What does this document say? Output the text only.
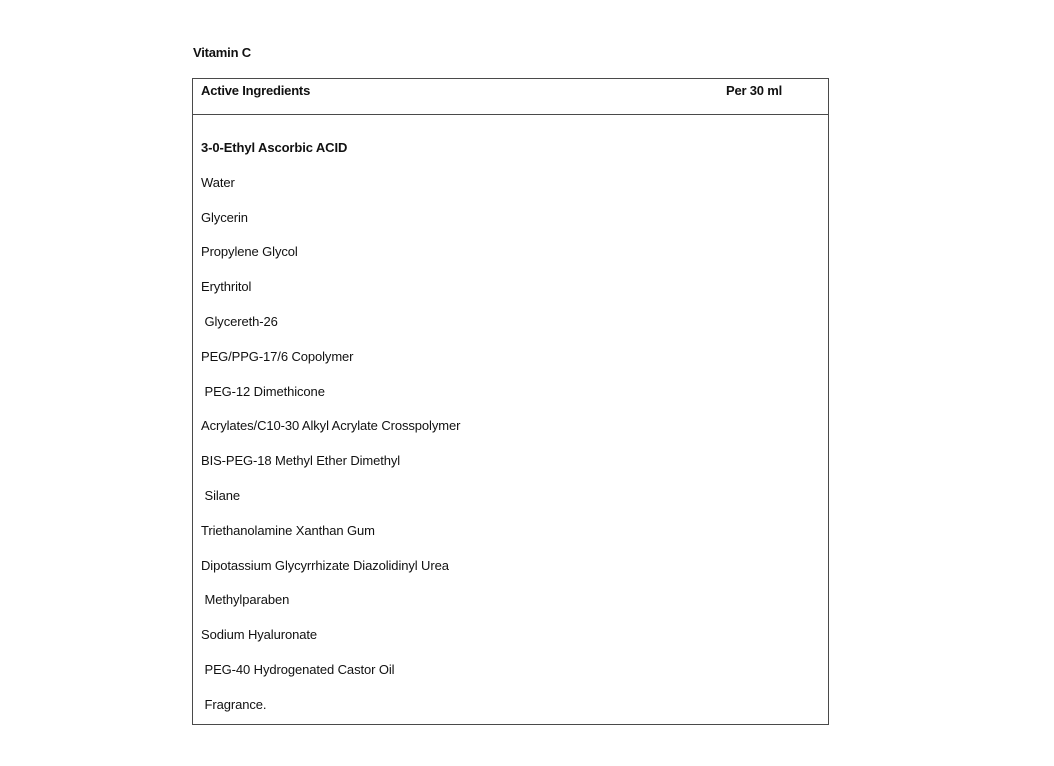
Vitamin C
Active Ingredients	Per 30 ml
3-0-Ethyl Ascorbic ACID
Water
Glycerin
Propylene Glycol
Erythritol
Glycereth-26
PEG/PPG-17/6 Copolymer
PEG-12 Dimethicone
Acrylates/C10-30 Alkyl Acrylate Crosspolymer
BIS-PEG-18 Methyl Ether Dimethyl
Silane
Triethanolamine Xanthan Gum
Dipotassium Glycyrrhizate Diazolidinyl Urea
Methylparaben
Sodium Hyaluronate
PEG-40 Hydrogenated Castor Oil
Fragrance.
